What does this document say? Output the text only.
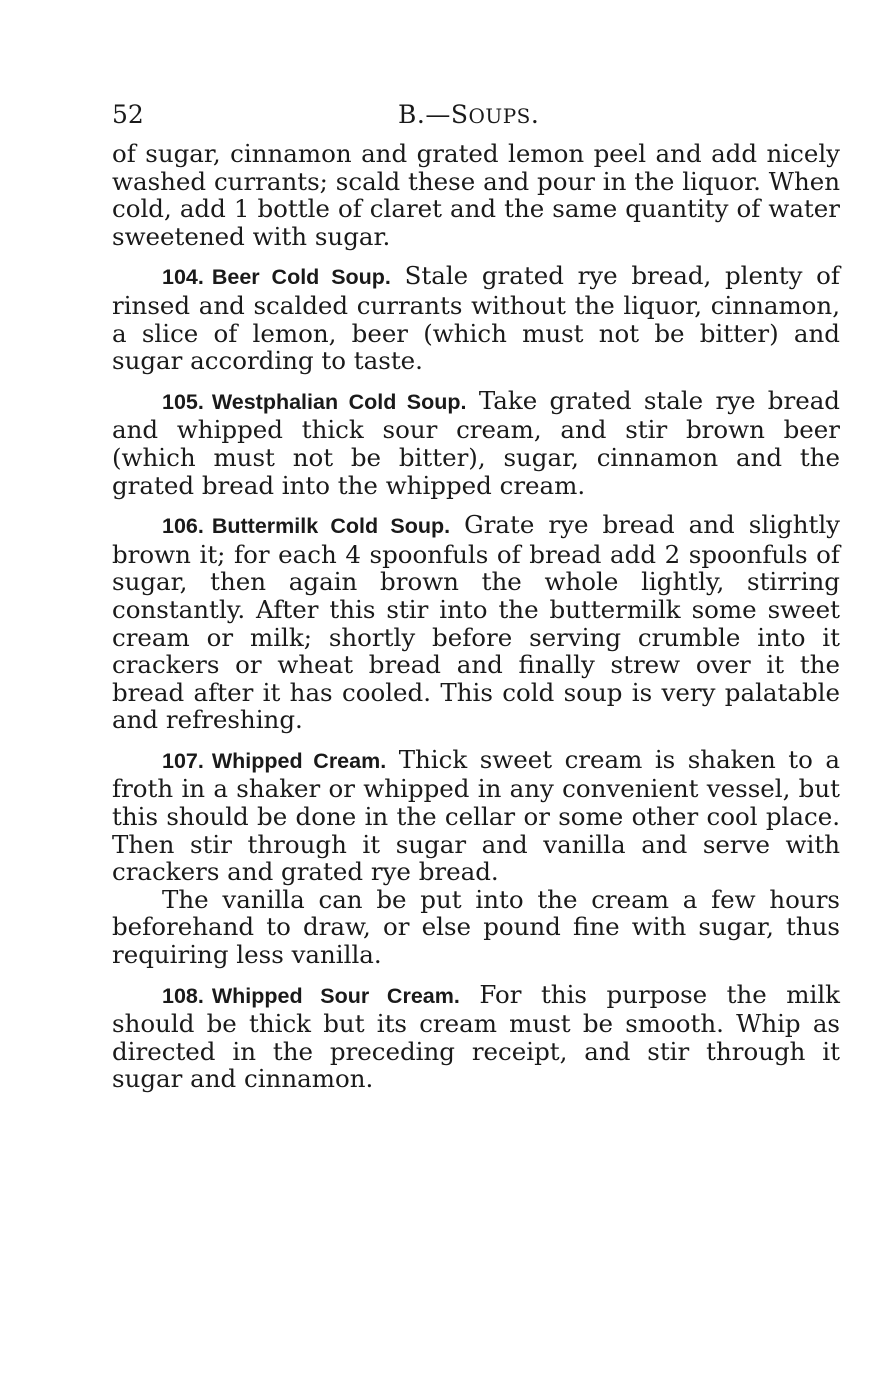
52	B.—SOUPS.

of sugar, cinnamon and grated lemon peel and add nicely washed currants; scald these and pour in the liquor. When cold, add 1 bottle of claret and the same quantity of water sweetened with sugar.

104. Beer Cold Soup. Stale grated rye bread, plenty of rinsed and scalded currants without the liquor, cinnamon, a slice of lemon, beer (which must not be bitter) and sugar according to taste.

105. Westphalian Cold Soup. Take grated stale rye bread and whipped thick sour cream, and stir brown beer (which must not be bitter), sugar, cinnamon and the grated bread into the whipped cream.

106. Buttermilk Cold Soup. Grate rye bread and slightly brown it; for each 4 spoonfuls of bread add 2 spoonfuls of sugar, then again brown the whole lightly, stirring constantly. After this stir into the buttermilk some sweet cream or milk; shortly before serving crumble into it crackers or wheat bread and finally strew over it the bread after it has cooled. This cold soup is very palatable and refreshing.

107. Whipped Cream. Thick sweet cream is shaken to a froth in a shaker or whipped in any convenient vessel, but this should be done in the cellar or some other cool place. Then stir through it sugar and vanilla and serve with crackers and grated rye bread.

The vanilla can be put into the cream a few hours beforehand to draw, or else pound fine with sugar, thus requiring less vanilla.

108. Whipped Sour Cream. For this purpose the milk should be thick but its cream must be smooth. Whip as directed in the preceding receipt, and stir through it sugar and cinnamon.
